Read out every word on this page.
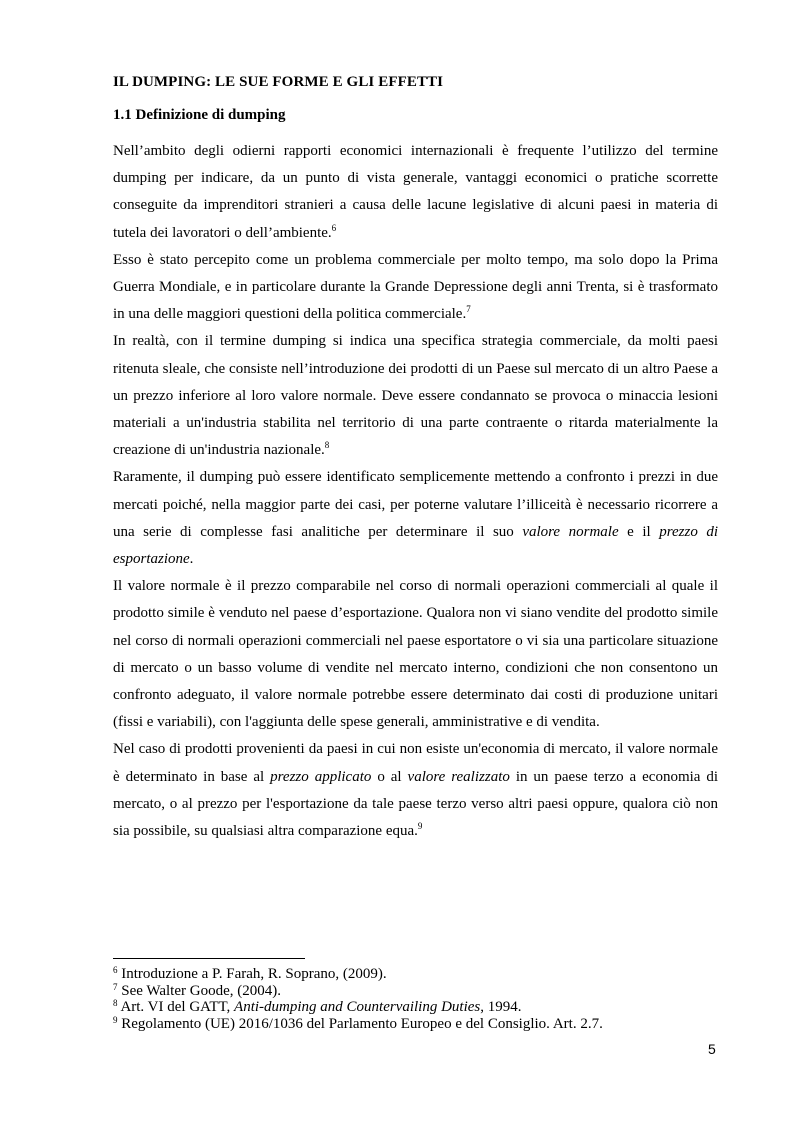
IL DUMPING: LE SUE FORME E GLI EFFETTI
1.1 Definizione di dumping

Nell’ambito degli odierni rapporti economici internazionali è frequente l’utilizzo del termine dumping per indicare, da un punto di vista generale, vantaggi economici o pratiche scorrette conseguite da imprenditori stranieri a causa delle lacune legislative di alcuni paesi in materia di tutela dei lavoratori o dell’ambiente.$^6$

Esso è stato percepito come un problema commerciale per molto tempo, ma solo dopo la Prima Guerra Mondiale, e in particolare durante la Grande Depressione degli anni Trenta, si è trasformato in una delle maggiori questioni della politica commerciale.$^7$

In realtà, con il termine dumping si indica una specifica strategia commerciale, da molti paesi ritenuta sleale, che consiste nell’introduzione dei prodotti di un Paese sul mercato di un altro Paese a un prezzo inferiore al loro valore normale. Deve essere condannato se provoca o minaccia lesioni materiali a un'industria stabilita nel territorio di una parte contraente o ritarda materialmente la creazione di un'industria nazionale.$^8$

Raramente, il dumping può essere identificato semplicemente mettendo a confronto i prezzi in due mercati poiché, nella maggior parte dei casi, per poterne valutare l’illiceità è necessario ricorrere a una serie di complesse fasi analitiche per determinare il suo valore normale e il prezzo di esportazione.

Il valore normale è il prezzo comparabile nel corso di normali operazioni commerciali al quale il prodotto simile è venduto nel paese d’esportazione. Qualora non vi siano vendite del prodotto simile nel corso di normali operazioni commerciali nel paese esportatore o vi sia una particolare situazione di mercato o un basso volume di vendite nel mercato interno, condizioni che non consentono un confronto adeguato, il valore normale potrebbe essere determinato dai costi di produzione unitari (fissi e variabili), con l'aggiunta delle spese generali, amministrative e di vendita.

Nel caso di prodotti provenienti da paesi in cui non esiste un'economia di mercato, il valore normale è determinato in base al prezzo applicato o al valore realizzato in un paese terzo a economia di mercato, o al prezzo per l'esportazione da tale paese terzo verso altri paesi oppure, qualora ciò non sia possibile, su qualsiasi altra comparazione equa.$^9$

$^6$ Introduzione a P. Farah, R. Soprano, (2009).

$^7$ See Walter Goode, (2004).

$^8$ Art. VI del GATT, Anti-dumping and Countervailing Duties, 1994.

$^9$ Regolamento (UE) 2016/1036 del Parlamento Europeo e del Consiglio. Art. 2.7.

5
